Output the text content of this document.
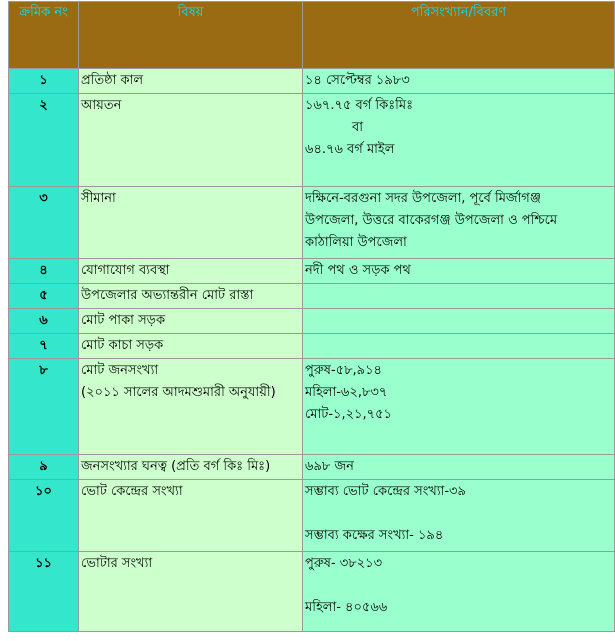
ক্রমিক নং	বিষয়	পরিসংখ্যান/বিবরণ
১	প্রতিষ্ঠা কাল	১৪ সেপ্টেম্বর ১৯৮৩

২	আয়তন	১৬৭.৭৫ বর্গ কিঃমিঃ
বা
৬৪.৭৬ বর্গ মাইল

৩	সীমানা	দক্ষিনে-বরগুনা সদর উপজেলা, পূর্বে মির্জাগঞ্জ
উপজেলা, উত্তরে বাকেরগঞ্জ উপজেলা ও পশ্চিমে
কাঠালিয়া উপজেলা

৪	যোগাযোগ ব্যবস্থা	নদী পথ ও সড়ক পথ

৫	উপজেলার অভ্যান্তরীন মোট রাস্তা	

৬	মোট পাকা সড়ক	

৭	মোট কাচা সড়ক	

৮	মোট জনসংখ্যা
(২০১১ সালের আদমশুমারী অনুযায়ী)	পুরুষ-৫৮,৯১৪
মহিলা-৬২,৮৩৭
মোট-১,২১,৭৫১

৯	জনসংখ্যার ঘনত্ব (প্রতি বর্গ কিঃ মিঃ)	৬৯৮ জন

১০	ভোট কেন্দ্রের সংখ্যা	সম্ভাব্য ভোট কেন্দ্রের সংখ্যা-৩৯

সম্ভাব্য কক্ষের সংখ্যা- ১৯৪

১১	ভোটার সংখ্যা	পুরুষ- ৩৮২১৩

মহিলা- ৪০৫৬৬
